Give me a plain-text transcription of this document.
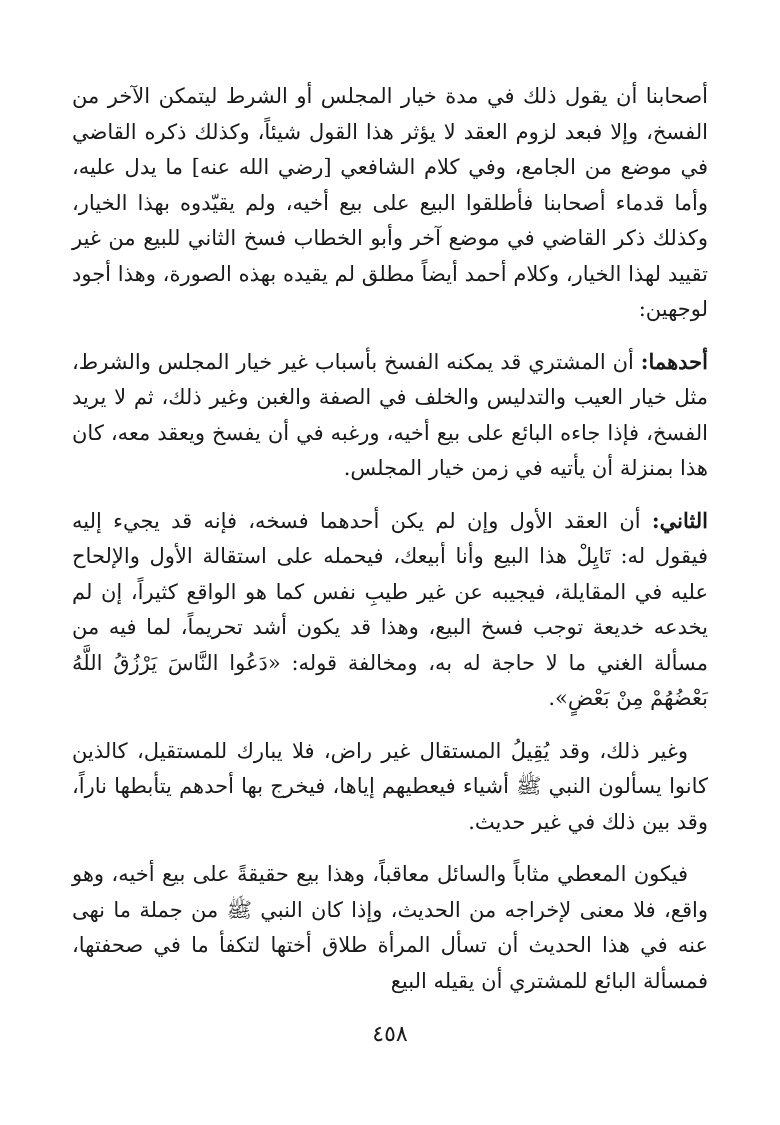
أصحابنا أن يقول ذلك في مدة خيار المجلس أو الشرط ليتمكن الآخر من الفسخ، وإلا فبعد لزوم العقد لا يؤثر هذا القول شيئاً، وكذلك ذكره القاضي في موضع من الجامع، وفي كلام الشافعي [رضي الله عنه] ما يدل عليه، وأما قدماء أصحابنا فأطلقوا البيع على بيع أخيه، ولم يقيّدوه بهذا الخيار، وكذلك ذكر القاضي في موضع آخر وأبو الخطاب فسخ الثاني للبيع من غير تقييد لهذا الخيار، وكلام أحمد أيضاً مطلق لم يقيده بهذه الصورة، وهذا أجود لوجهين:

أحدهما: أن المشتري قد يمكنه الفسخ بأسباب غير خيار المجلس والشرط، مثل خيار العيب والتدليس والخلف في الصفة والغبن وغير ذلك، ثم لا يريد الفسخ، فإذا جاءه البائع على بيع أخيه، ورغبه في أن يفسخ ويعقد معه، كان هذا بمنزلة أن يأتيه في زمن خيار المجلس.

الثاني: أن العقد الأول وإن لم يكن أحدهما فسخه، فإنه قد يجيء إليه فيقول له: تَايِلْ هذا البيع وأنا أبيعك، فيحمله على استقالة الأول والإلحاح عليه في المقايلة، فيجيبه عن غير طيبِ نفس كما هو الواقع كثيراً، إن لم يخدعه خديعة توجب فسخ البيع، وهذا قد يكون أشد تحريماً، لما فيه من مسألة الغني ما لا حاجة له به، ومخالفة قوله: «دَعُوا النَّاسَ يَرْزُقُ اللَّهُ بَعْضُهُمْ مِنْ بَعْضٍ».

وغير ذلك، وقد يُقِيلُ المستقال غير راض، فلا يبارك للمستقيل، كالذين كانوا يسألون النبي ﷺ أشياء فيعطيهم إياها، فيخرج بها أحدهم يتأبطها ناراً، وقد بين ذلك في غير حديث.

فيكون المعطي مثاباً والسائل معاقباً، وهذا بيع حقيقةً على بيع أخيه، وهو واقع، فلا معنى لإخراجه من الحديث، وإذا كان النبي ﷺ من جملة ما نهى عنه في هذا الحديث أن تسأل المرأة طلاق أختها لتكفأ ما في صحفتها، فمسألة البائع للمشتري أن يقيله البيع

٤٥٨
